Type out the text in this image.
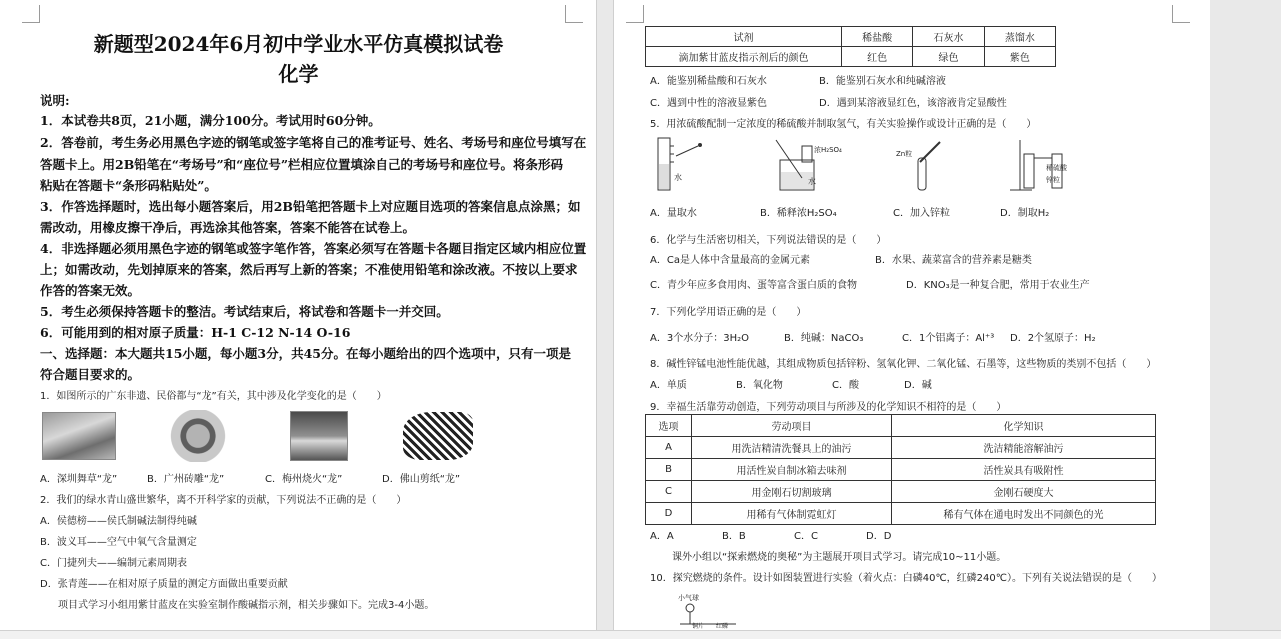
新题型2024年6月初中学业水平仿真模拟试卷
化学
说明:
1．本试卷共8页，21小题，满分100分。考试用时60分钟。
2．答卷前，考生务必用黑色字迹的钢笔或签字笔将自己的准考证号、姓名、考场号和座位号填写在
答题卡上。用2B铅笔在“考场号”和“座位号”栏相应位置填涂自己的考场号和座位号。将条形码
粘贴在答题卡“条形码粘贴处”。
3．作答选择题时，选出每小题答案后，用2B铅笔把答题卡上对应题目选项的答案信息点涂黑；如
需改动，用橡皮擦干净后，再选涂其他答案，答案不能答在试卷上。
4．非选择题必须用黑色字迹的钢笔或签字笔作答，答案必须写在答题卡各题目指定区域内相应位置
上；如需改动，先划掉原来的答案，然后再写上新的答案；不准使用铅笔和涂改液。不按以上要求
作答的答案无效。
5．考生必须保持答题卡的整洁。考试结束后，将试卷和答题卡一并交回。
6．可能用到的相对原子质量：H-1 C-12 N-14 O-16
一、选择题：本大题共15小题，每小题3分，共45分。在每小题给出的四个选项中，只有一项是
符合题目要求的。
1．如图所示的广东非遗、民俗都与“龙”有关，其中涉及化学变化的是（　　）
A．深圳舞草“龙”	B．广州砖雕“龙”	C．梅州烧火“龙”	D．佛山剪纸“龙”
2．我们的绿水青山盛世繁华，离不开科学家的贡献，下列说法不正确的是（　　）
A．侯德榜——侯氏制碱法制得纯碱
B．波义耳——空气中氧气含量测定
C．门捷列夫——编制元素周期表
D．张青莲——在相对原子质量的测定方面做出重要贡献
项目式学习小组用紫甘蓝皮在实验室制作酸碱指示剂，相关步骤如下。完成3-4小题。
试剂	稀盐酸	石灰水	蒸馏水
滴加紫甘蓝皮指示剂后的颜色	红色	绿色	紫色
A．能鉴别稀盐酸和石灰水	B．能鉴别石灰水和纯碱溶液
C．遇到中性的溶液显紫色	D．遇到某溶液显红色，该溶液肯定显酸性
5．用浓硫酸配制一定浓度的稀硫酸并制取氢气，有关实验操作或设计正确的是（　　）
水
浓H₂SO₄
水
Zn粒
稀硫酸
锌粒
A．量取水	B．稀释浓H₂SO₄	C．加入锌粒	D．制取H₂
6．化学与生活密切相关，下列说法错误的是（　　）
A．Ca是人体中含量最高的金属元素	B．水果、蔬菜富含的营养素是糖类
C．青少年应多食用肉、蛋等富含蛋白质的食物	D．KNO₃是一种复合肥，常用于农业生产
7．下列化学用语正确的是（　　）
A．3个水分子：3H₂O	B．纯碱：NaCO₃	C．1个铝离子：Al⁺³ D．2个氢原子：H₂
8．碱性锌锰电池性能优越，其组成物质包括锌粉、氢氧化钾、二氧化锰、石墨等，这些物质的类别不包括（　　）
A．单质	B．氧化物	C．酸	D．碱
9．幸福生活靠劳动创造，下列劳动项目与所涉及的化学知识不相符的是（　　）
选项	劳动项目	化学知识
A	用洗洁精清洗餐具上的油污	洗洁精能溶解油污
B	用活性炭自制冰箱去味剂	活性炭具有吸附性
C	用金刚石切割玻璃	金刚石硬度大
D	用稀有气体制霓虹灯	稀有气体在通电时发出不同颜色的光
A．A	B．B	C．C	D．D
课外小组以“探索燃烧的奥秘”为主题展开项目式学习。请完成10~11小题。
10．探究燃烧的条件。设计如图装置进行实验（着火点：白磷40℃，红磷240℃）。下列有关说法错误的是（　　）
小气球
铜片 红磷
